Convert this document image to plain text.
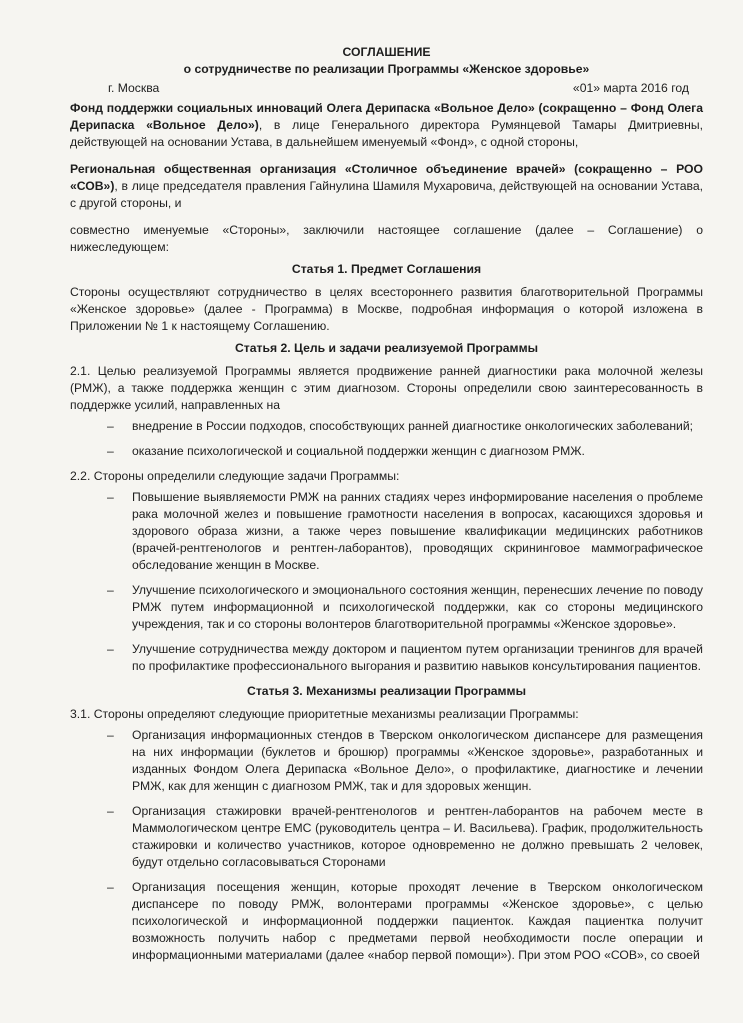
СОГЛАШЕНИЕ
о сотрудничестве по реализации Программы «Женское здоровье»
г. Москва	«01» марта 2016 год

Фонд поддержки социальных инноваций Олега Дерипаска «Вольное Дело» (сокращенно – Фонд Олега Дерипаска «Вольное Дело»), в лице Генерального директора Румянцевой Тамары Дмитриевны, действующей на основании Устава, в дальнейшем именуемый «Фонд», с одной стороны,

Региональная общественная организация «Столичное объединение врачей» (сокращенно – РОО «СОВ»), в лице председателя правления Гайнулина Шамиля Мухаровича, действующей на основании Устава, с другой стороны, и

совместно именуемые «Стороны», заключили настоящее соглашение (далее – Соглашение) о нижеследующем:

Статья 1. Предмет Соглашения

Стороны осуществляют сотрудничество в целях всестороннего развития благотворительной Программы «Женское здоровье» (далее - Программа) в Москве, подробная информация о которой изложена в Приложении № 1 к настоящему Соглашению.

Статья 2. Цель и задачи реализуемой Программы

2.1. Целью реализуемой Программы является продвижение ранней диагностики рака молочной железы (РМЖ), а также поддержка женщин с этим диагнозом. Стороны определили свою заинтересованность в поддержке усилий, направленных на

– внедрение в России подходов, способствующих ранней диагностике онкологических заболеваний;
– оказание психологической и социальной поддержки женщин с диагнозом РМЖ.

2.2. Стороны определили следующие задачи Программы:

– Повышение выявляемости РМЖ на ранних стадиях через информирование населения о проблеме рака молочной желез и повышение грамотности населения в вопросах, касающихся здоровья и здорового образа жизни, а также через повышение квалификации медицинских работников (врачей-рентгенологов и рентген-лаборантов), проводящих скрининговое маммографическое обследование женщин в Москве.
– Улучшение психологического и эмоционального состояния женщин, перенесших лечение по поводу РМЖ путем информационной и психологической поддержки, как со стороны медицинского учреждения, так и со стороны волонтеров благотворительной программы «Женское здоровье».
– Улучшение сотрудничества между доктором и пациентом путем организации тренингов для врачей по профилактике профессионального выгорания и развитию навыков консультирования пациентов.
Статья 3. Механизмы реализации Программы

3.1. Стороны определяют следующие приоритетные механизмы реализации Программы:

– Организация информационных стендов в Тверском онкологическом диспансере для размещения на них информации (буклетов и брошюр) программы «Женское здоровье», разработанных и изданных Фондом Олега Дерипаска «Вольное Дело», о профилактике, диагностике и лечении РМЖ, как для женщин с диагнозом РМЖ, так и для здоровых женщин.
– Организация стажировки врачей-рентгенологов и рентген-лаборантов на рабочем месте в Маммологическом центре ЕМС (руководитель центра – И. Васильева). График, продолжительность стажировки и количество участников, которое одновременно не должно превышать 2 человек, будут отдельно согласовываться Сторонами
– Организация посещения женщин, которые проходят лечение в Тверском онкологическом диспансере по поводу РМЖ, волонтерами программы «Женское здоровье», с целью психологической и информационной поддержки пациенток. Каждая пациентка получит возможность получить набор с предметами первой необходимости после операции и информационными материалами (далее «набор первой помощи»). При этом РОО «СОВ», со своей
